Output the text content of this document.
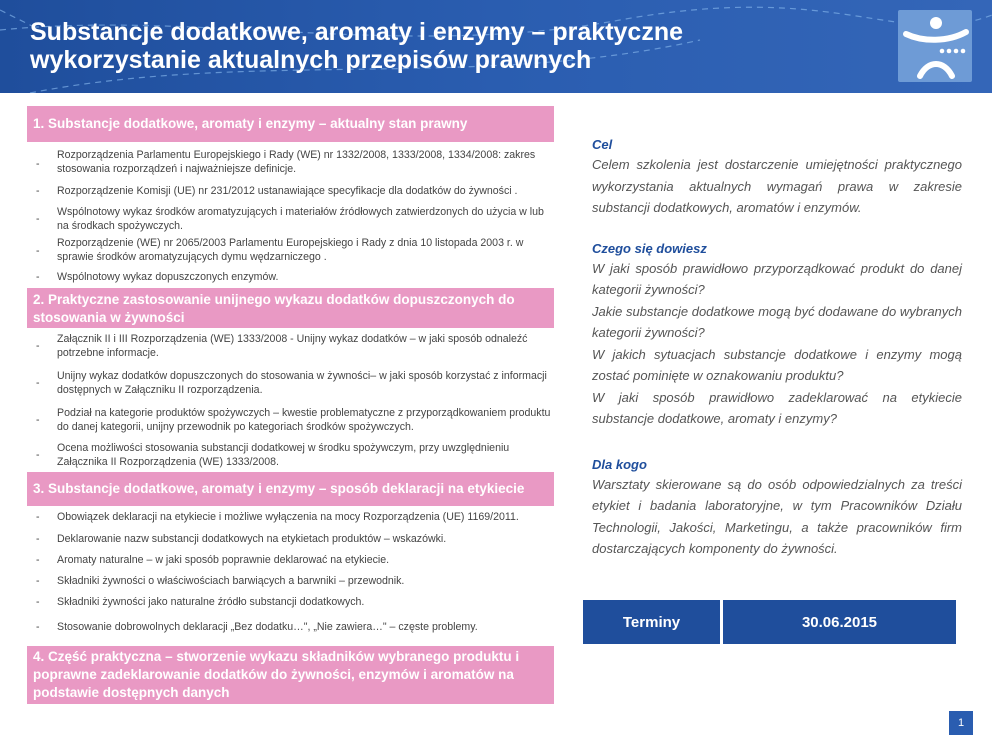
Substancje dodatkowe, aromaty i enzymy – praktyczne
wykorzystanie aktualnych przepisów prawnych
1. Substancje dodatkowe, aromaty i enzymy – aktualny stan prawny
-
Rozporządzenia Parlamentu Europejskiego i Rady (WE) nr 1332/2008, 1333/2008, 1334/2008: zakres stosowania rozporządzeń i najważniejsze definicje.
- Rozporządzenie Komisji (UE) nr 231/2012 ustanawiające specyfikacje dla dodatków do żywności .
-
Wspólnotowy wykaz środków aromatyzujących i materiałów źródłowych zatwierdzonych do użycia w lub na środkach spożywczych.
-
Rozporządzenie (WE) nr 2065/2003 Parlamentu Europejskiego i Rady z dnia 10 listopada 2003 r. w sprawie środków aromatyzujących dymu wędzarniczego .
- Wspólnotowy wykaz dopuszczonych enzymów.
2. Praktyczne zastosowanie unijnego wykazu dodatków dopuszczonych do stosowania w żywności
-
Załącznik II i III Rozporządzenia (WE) 1333/2008 - Unijny wykaz dodatków – w jaki sposób odnaleźć potrzebne informacje.
-
Unijny wykaz dodatków dopuszczonych do stosowania w żywności– w jaki sposób korzystać z informacji dostępnych w Załączniku II rozporządzenia.
-
Podział na kategorie produktów spożywczych – kwestie problematyczne z przyporządkowaniem produktu do danej kategorii, unijny przewodnik po kategoriach środków spożywczych.
-
Ocena możliwości stosowania substancji dodatkowej w środku spożywczym, przy uwzględnieniu Załącznika II Rozporządzenia (WE) 1333/2008.
3. Substancje dodatkowe, aromaty i enzymy – sposób deklaracji na etykiecie
- Obowiązek deklaracji na etykiecie i możliwe wyłączenia na mocy Rozporządzenia (UE) 1169/2011.
- Deklarowanie nazw substancji dodatkowych na etykietach produktów – wskazówki.
- Aromaty naturalne – w jaki sposób poprawnie deklarować na etykiecie.
- Składniki żywności o właściwościach barwiących a barwniki – przewodnik.
- Składniki żywności jako naturalne źródło substancji dodatkowych.
- Stosowanie dobrowolnych deklaracji „Bez dodatku…", „Nie zawiera…" – częste problemy.
4. Część praktyczna – stworzenie wykazu składników wybranego produktu i poprawne zadeklarowanie dodatków do żywności, enzymów i aromatów na podstawie dostępnych danych
Cel
Celem szkolenia jest dostarczenie umiejętności praktycznego wykorzystania aktualnych wymagań prawa w zakresie substancji dodatkowych, aromatów i enzymów.
Czego się dowiesz
W jaki sposób prawidłowo przyporządkować produkt do danej kategorii żywności?
Jakie substancje dodatkowe mogą być dodawane do wybranych kategorii żywności?
W jakich sytuacjach substancje dodatkowe i enzymy mogą zostać pominięte w oznakowaniu produktu?
W jaki sposób prawidłowo zadeklarować na etykiecie substancje dodatkowe, aromaty i enzymy?
Dla kogo
Warsztaty skierowane są do osób odpowiedzialnych za treści etykiet i badania laboratoryjne, w tym Pracowników Działu Technologii, Jakości, Marketingu, a także pracowników firm dostarczających komponenty do żywności.
Terminy	30.06.2015
1
